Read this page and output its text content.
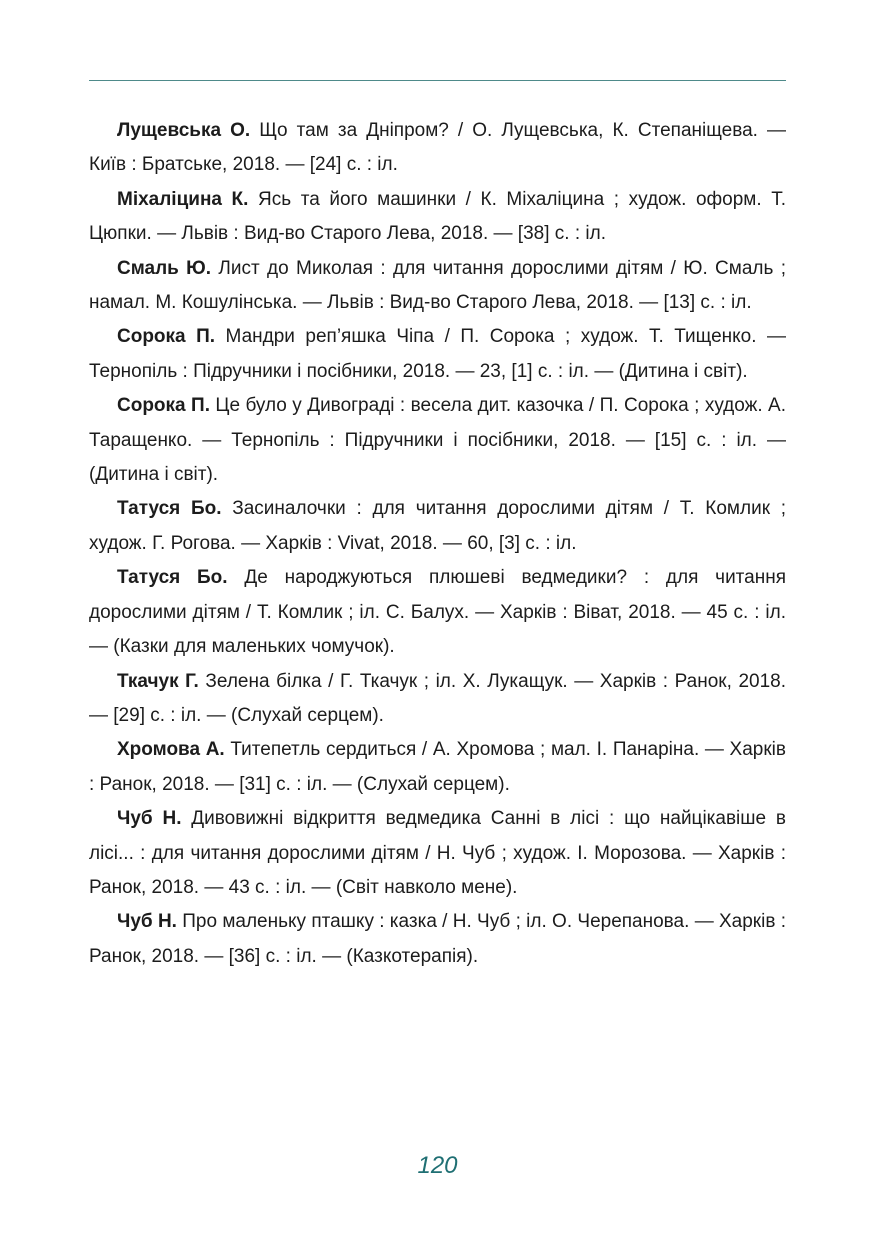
Лущевська О. Що там за Дніпром? / О. Лущевська, К. Степаніщева. — Київ : Братське, 2018. — [24] с. : іл.

Міхаліцина К. Ясь та його машинки / К. Міхаліцина ; худож. оформ. Т. Цюпки. — Львів : Вид-во Старого Лева, 2018. — [38] с. : іл.

Смаль Ю. Лист до Миколая : для читання дорослими дітям / Ю. Смаль ; намал. М. Кошулінська. — Львів : Вид-во Старого Лева, 2018. — [13] с. : іл.

Сорока П. Мандри реп’яшка Чіпа / П. Сорока ; худож. Т. Тищенко. — Тернопіль : Підручники і посібники, 2018. — 23, [1] с. : іл. — (Дитина і світ).

Сорока П. Це було у Дивограді : весела дит. казочка / П. Сорока ; худож. А. Таращенко. — Тернопіль : Підручники і посібники, 2018. — [15] с. : іл. — (Дитина і світ).

Татуся Бо. Засиналочки : для читання дорослими дітям / Т. Комлик ; худож. Г. Рогова. — Харків : Vivat, 2018. — 60, [3] с. : іл.

Татуся Бо. Де народжуються плюшеві ведмедики? : для читання дорослими дітям / Т. Комлик ; іл. С. Балух. — Харків : Віват, 2018. — 45 с. : іл. — (Казки для маленьких чомучок).

Ткачук Г. Зелена білка / Г. Ткачук ; іл. Х. Лукащук. — Харків : Ранок, 2018. — [29] с. : іл. — (Слухай серцем).

Хромова А. Титепетль сердиться / А. Хромова ; мал. І. Панаріна. — Харків : Ранок, 2018. — [31] с. : іл. — (Слухай серцем).

Чуб Н. Дивовижні відкриття ведмедика Санні в лісі : що найцікавіше в лісі... : для читання дорослими дітям / Н. Чуб ; худож. І. Морозова. — Харків : Ранок, 2018. — 43 с. : іл. — (Світ навколо мене).

Чуб Н. Про маленьку пташку : казка / Н. Чуб ; іл. О. Черепанова. — Харків : Ранок, 2018. — [36] с. : іл. — (Казкотерапія).

120
